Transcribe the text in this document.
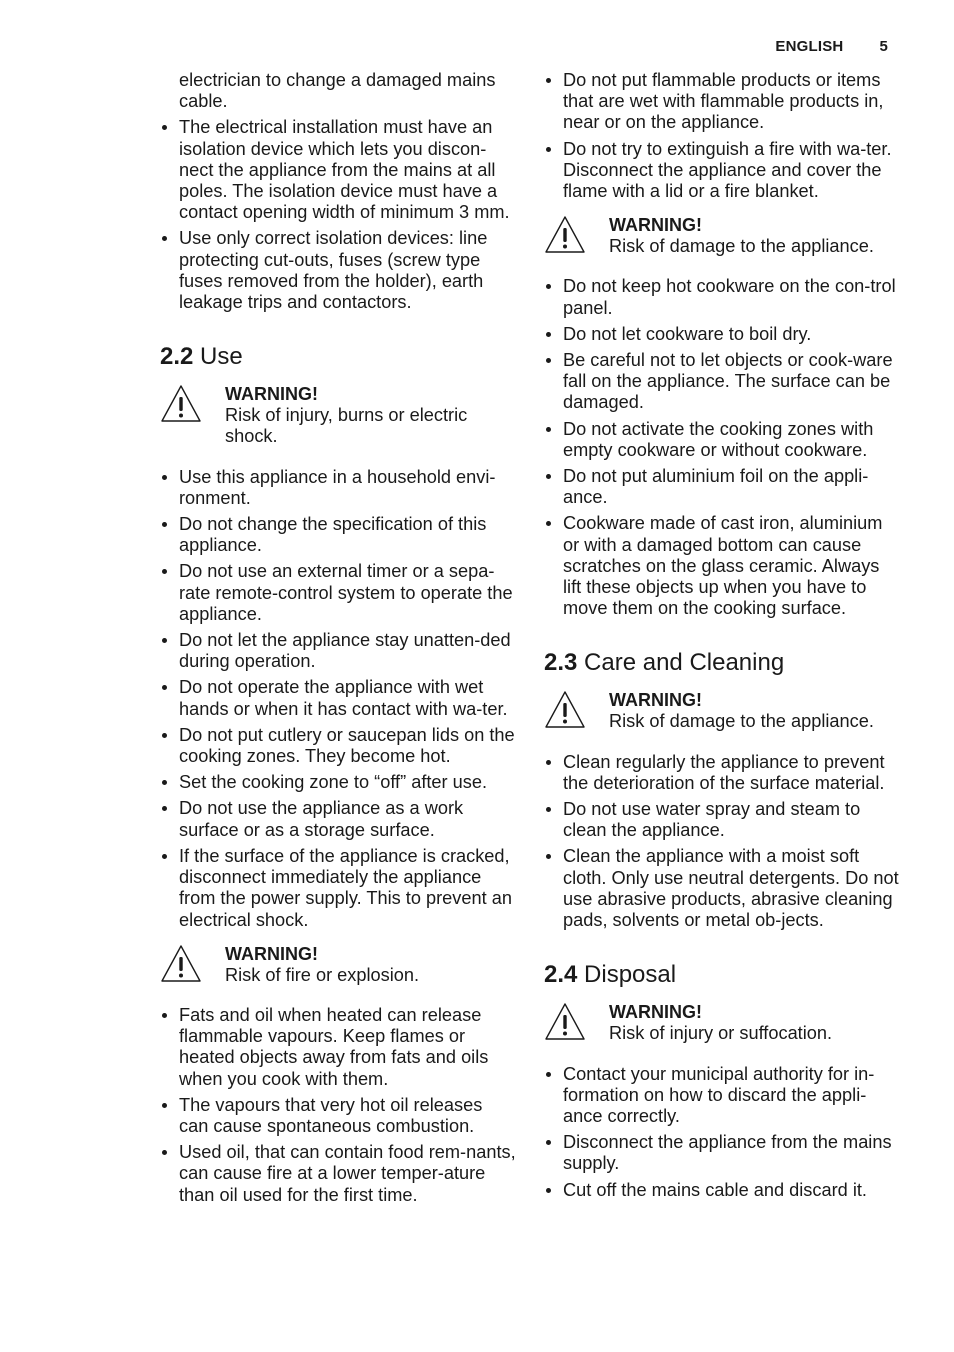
ENGLISH 5
electrician to change a damaged mains cable.
The electrical installation must have an isolation device which lets you discon-nect the appliance from the mains at all poles. The isolation device must have a contact opening width of minimum 3 mm.
Use only correct isolation devices: line protecting cut-outs, fuses (screw type fuses removed from the holder), earth leakage trips and contactors.
2.2 Use
WARNING!
Risk of injury, burns or electric shock.
Use this appliance in a household envi-ronment.
Do not change the specification of this appliance.
Do not use an external timer or a sepa-rate remote-control system to operate the appliance.
Do not let the appliance stay unatten-ded during operation.
Do not operate the appliance with wet hands or when it has contact with wa-ter.
Do not put cutlery or saucepan lids on the cooking zones. They become hot.
Set the cooking zone to “off” after use.
Do not use the appliance as a work surface or as a storage surface.
If the surface of the appliance is cracked, disconnect immediately the appliance from the power supply. This to prevent an electrical shock.
WARNING!
Risk of fire or explosion.
Fats and oil when heated can release flammable vapours. Keep flames or heated objects away from fats and oils when you cook with them.
The vapours that very hot oil releases can cause spontaneous combustion.
Used oil, that can contain food rem-nants, can cause fire at a lower temper-ature than oil used for the first time.
Do not put flammable products or items that are wet with flammable products in, near or on the appliance.
Do not try to extinguish a fire with wa-ter. Disconnect the appliance and cover the flame with a lid or a fire blanket.
WARNING!
Risk of damage to the appliance.
Do not keep hot cookware on the con-trol panel.
Do not let cookware to boil dry.
Be careful not to let objects or cook-ware fall on the appliance. The surface can be damaged.
Do not activate the cooking zones with empty cookware or without cookware.
Do not put aluminium foil on the appli-ance.
Cookware made of cast iron, aluminium or with a damaged bottom can cause scratches on the glass ceramic. Always lift these objects up when you have to move them on the cooking surface.
2.3 Care and Cleaning
WARNING!
Risk of damage to the appliance.
Clean regularly the appliance to prevent the deterioration of the surface material.
Do not use water spray and steam to clean the appliance.
Clean the appliance with a moist soft cloth. Only use neutral detergents. Do not use abrasive products, abrasive cleaning pads, solvents or metal ob-jects.
2.4 Disposal
WARNING!
Risk of injury or suffocation.
Contact your municipal authority for in-formation on how to discard the appli-ance correctly.
Disconnect the appliance from the mains supply.
Cut off the mains cable and discard it.
